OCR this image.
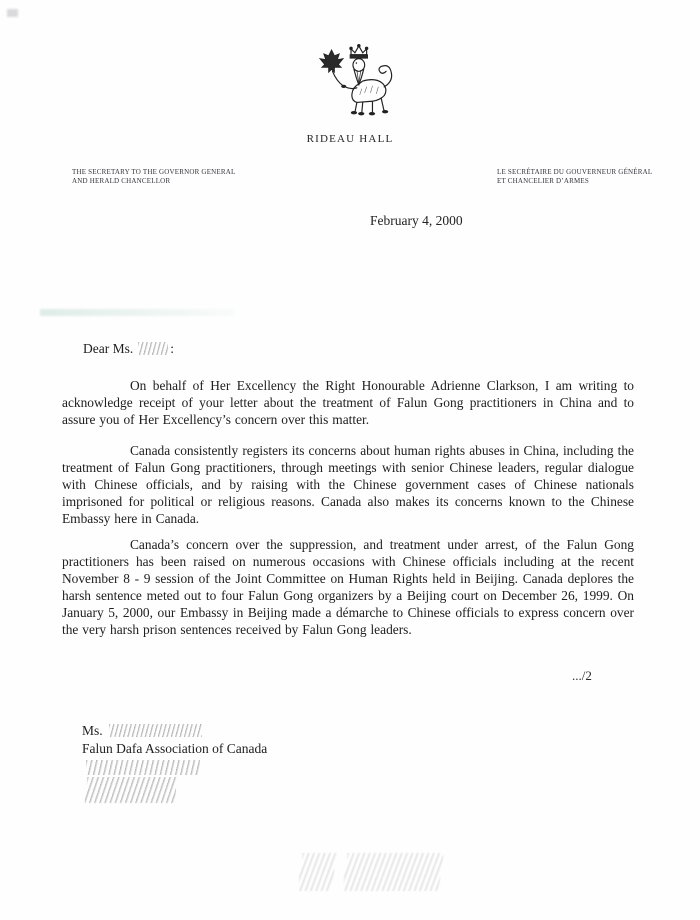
RIDEAU HALL
THE SECRETARY TO THE GOVERNOR GENERAL
AND HERALD CHANCELLOR
LE SECRÉTAIRE DU GOUVERNEUR GÉNÉRAL
ET CHANCELIER D’ARMES
February 4, 2000
Dear Ms.	:

On behalf of Her Excellency the Right Honourable Adrienne Clarkson, I am writing to acknowledge receipt of your letter about the treatment of Falun Gong practitioners in China and to assure you of Her Excellency’s concern over this matter.

Canada consistently registers its concerns about human rights abuses in China, including the treatment of Falun Gong practitioners, through meetings with senior Chinese leaders, regular dialogue with Chinese officials, and by raising with the Chinese government cases of Chinese nationals imprisoned for political or religious reasons. Canada also makes its concerns known to the Chinese Embassy here in Canada.

Canada’s concern over the suppression, and treatment under arrest, of the Falun Gong practitioners has been raised on numerous occasions with Chinese officials including at the recent November 8 - 9 session of the Joint Committee on Human Rights held in Beijing. Canada deplores the harsh sentence meted out to four Falun Gong organizers by a Beijing court on December 26, 1999. On January 5, 2000, our Embassy in Beijing made a démarche to Chinese officials to express concern over the very harsh prison sentences received by Falun Gong leaders.

.../2
Ms.
Falun Dafa Association of Canada
